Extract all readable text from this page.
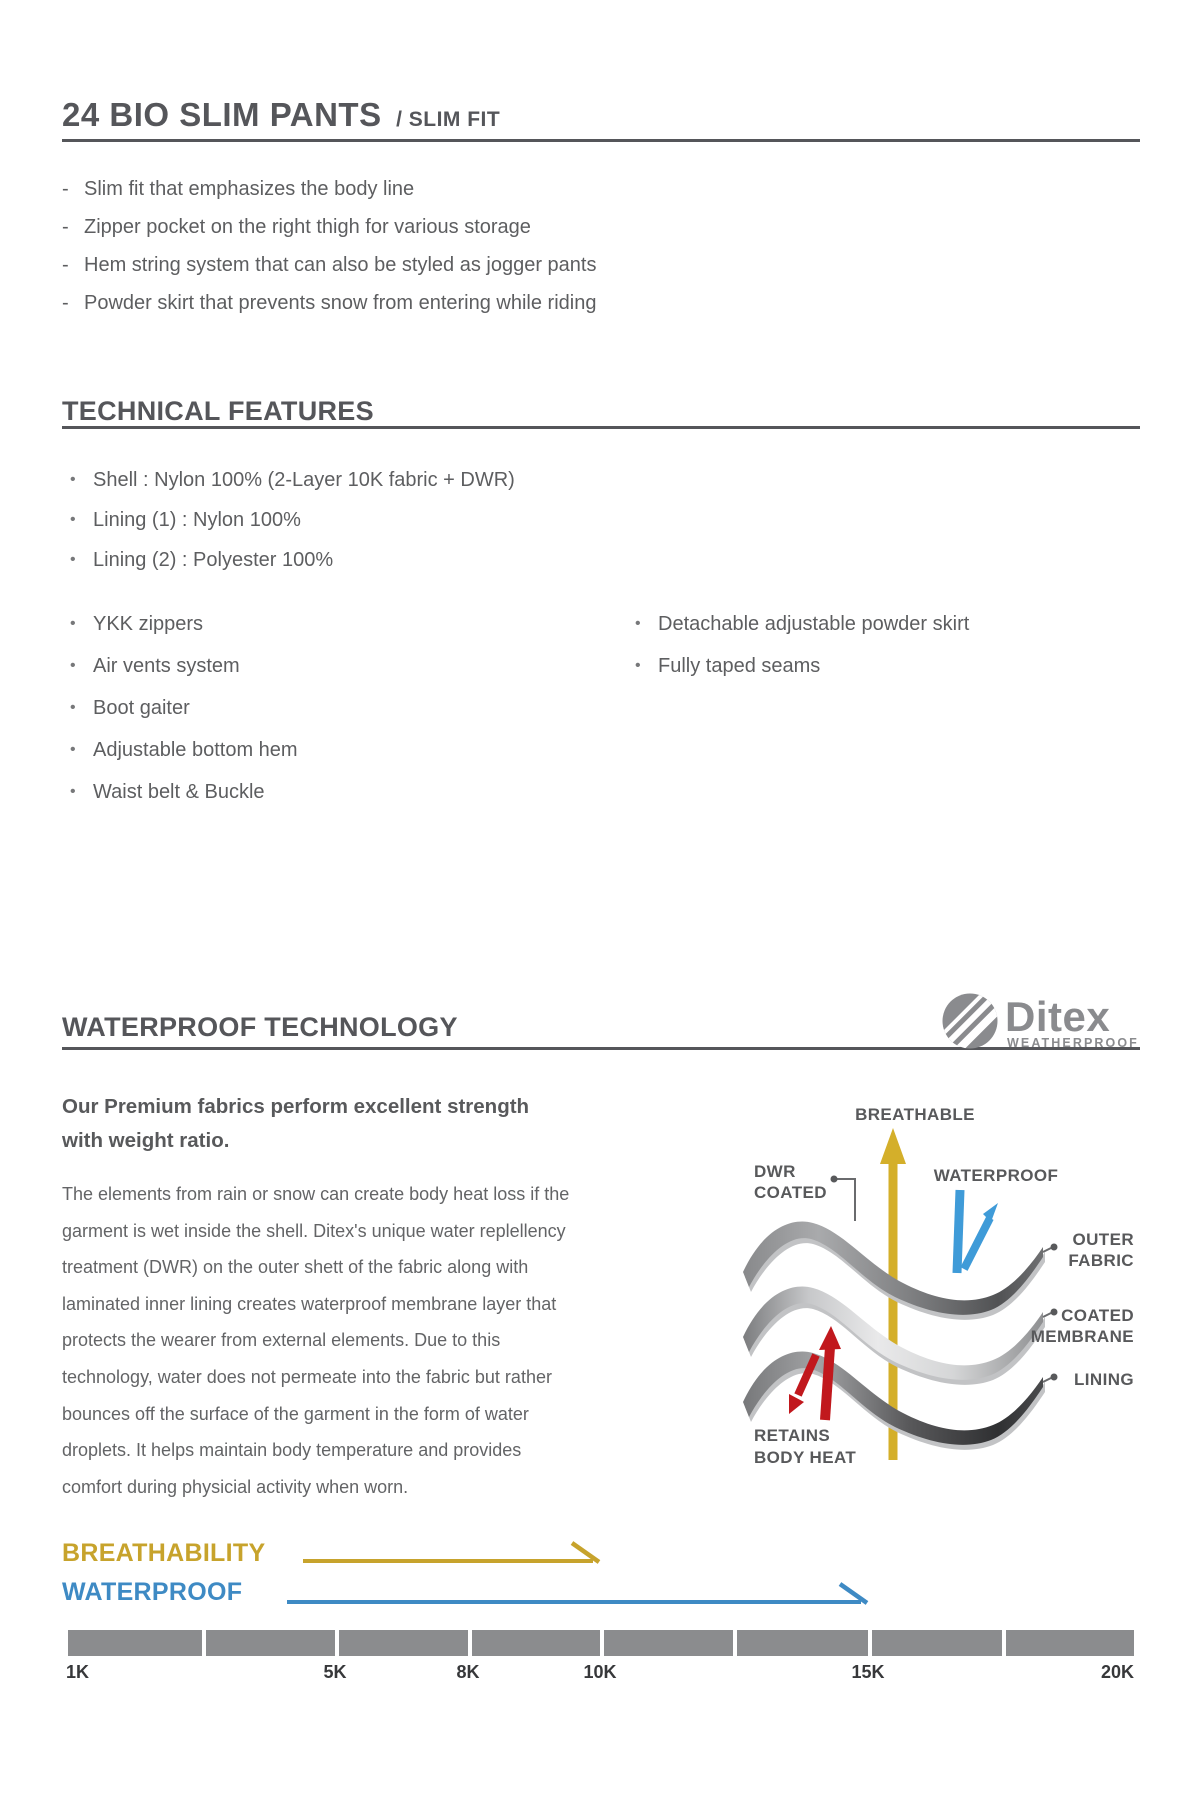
24 BIO SLIM PANTS / SLIM FIT
- Slim fit that emphasizes the body line
- Zipper pocket on the right thigh for various storage
- Hem string system that can also be styled as jogger pants
- Powder skirt that prevents snow from entering while riding
TECHNICAL FEATURES
• Shell : Nylon 100% (2-Layer 10K fabric + DWR)
• Lining (1) : Nylon 100%
• Lining (2) : Polyester 100%
• YKK zippers
• Air vents system
• Boot gaiter
• Adjustable bottom hem
• Waist belt & Buckle
• Detachable adjustable powder skirt
• Fully taped seams
WATERPROOF TECHNOLOGY	Ditex
WEATHERPROOF
Our Premium fabrics perform excellent strength
with weight ratio.
The elements from rain or snow can create body heat loss if the
garment is wet inside the shell. Ditex's unique water replellency
treatment (DWR) on the outer shett of the fabric along with
laminated inner lining creates waterproof membrane layer that
protects the wearer from external elements. Due to this
technology, water does not permeate into the fabric but rather
bounces off the surface of the garment in the form of water
droplets. It helps maintain body temperature and provides
comfort during physicial activity when worn.
BREATHABLE
DWR
COATED
WATERPROOF
OUTER
FABRIC
COATED
MEMBRANE
LINING
RETAINS
BODY HEAT
BREATHABILITY
WATERPROOF
1K	5K	8K	10K	15K	20K
